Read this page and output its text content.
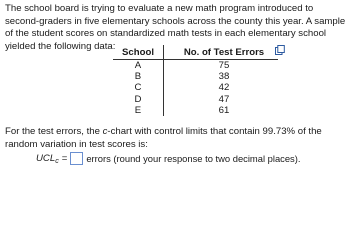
The school board is trying to evaluate a new math program introduced to second-graders in five elementary schools across the county this year. A sample of the student scores on standardized math tests in each elementary school yielded the following data:

School	No. of Test Errors
A	75
B	38
C	42
D	47
E	61

For the test errors, the c-chart with control limits that contain 99.73% of the random variation in test scores is:

UCL c = errors (round your response to two decimal places).
